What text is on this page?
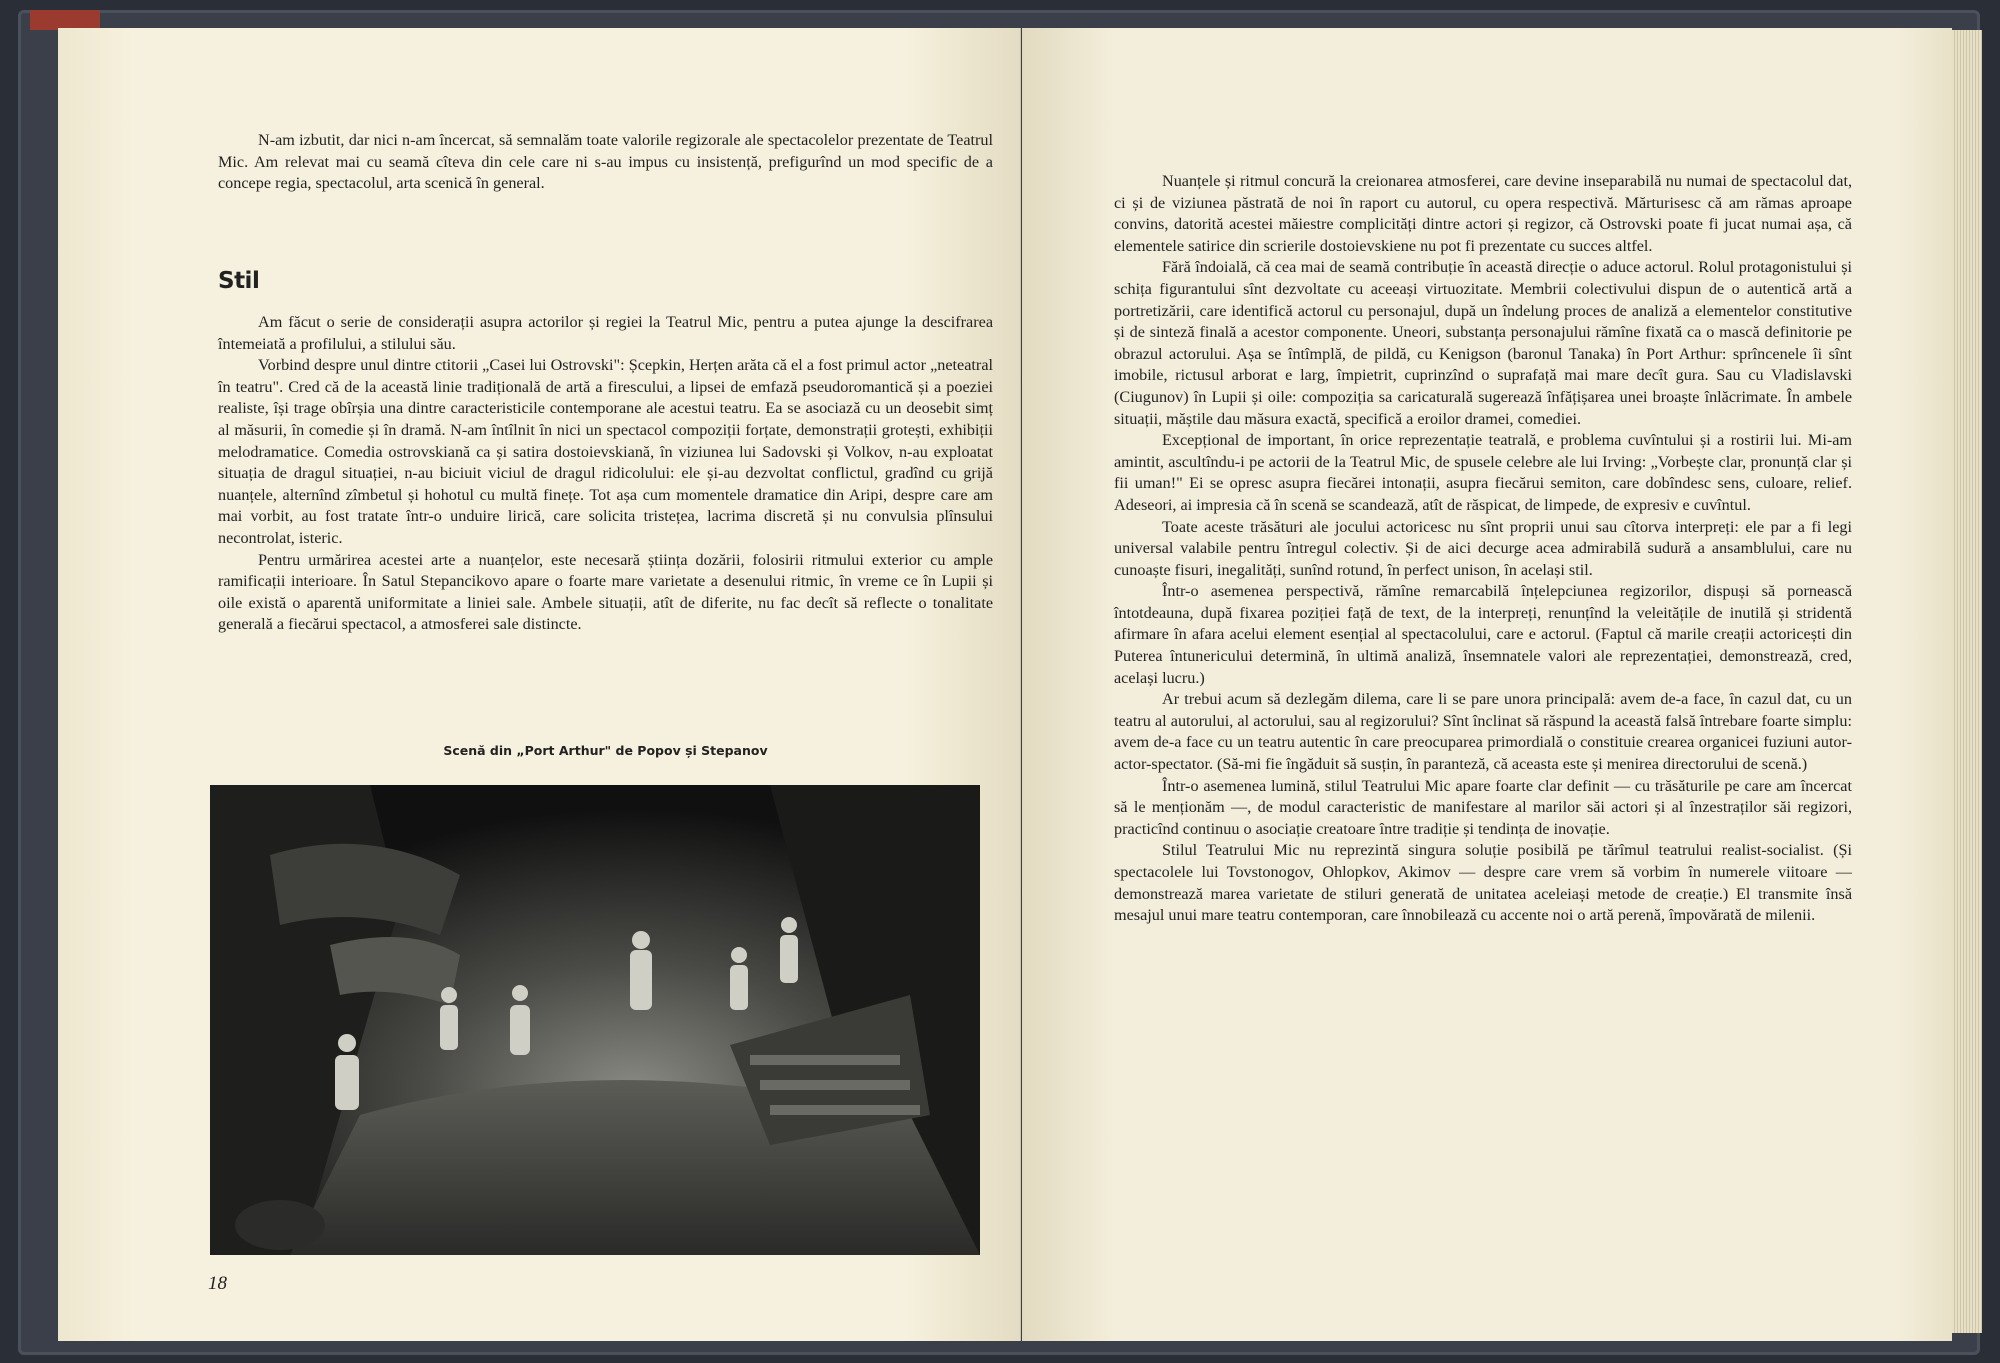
N-am izbutit, dar nici n-am încercat, să semnalăm toate valorile regizorale ale spectacolelor prezentate de Teatrul Mic. Am relevat mai cu seamă cîteva din cele care ni s-au impus cu insistență, prefigurînd un mod specific de a concepe regia, spectacolul, arta scenică în general.

Stil

Am făcut o serie de considerații asupra actorilor și regiei la Teatrul Mic, pentru a putea ajunge la descifrarea întemeiată a profilului, a stilului său.

Vorbind despre unul dintre ctitorii „Casei lui Ostrovski": Șcepkin, Herțen arăta că el a fost primul actor „neteatral în teatru". Cred că de la această linie tradițională de artă a firescului, a lipsei de emfază pseudoromantică și a poeziei realiste, își trage obîrșia una dintre caracteristicile contemporane ale acestui teatru. Ea se asociază cu un deosebit simț al măsurii, în comedie și în dramă. N-am întîlnit în nici un spectacol compoziții forțate, demonstrații grotești, exhibiții melodramatice. Comedia ostrovskiană ca și satira dostoievskiană, în viziunea lui Sadovski și Volkov, n-au exploatat situația de dragul situației, n-au biciuit viciul de dragul ridicolului: ele și-au dezvoltat conflictul, gradînd cu grijă nuanțele, alternînd zîmbetul și hohotul cu multă finețe. Tot așa cum momentele dramatice din Aripi, despre care am mai vorbit, au fost tratate într-o unduire lirică, care solicita tristețea, lacrima discretă și nu convulsia plînsului necontrolat, isteric.

Pentru urmărirea acestei arte a nuanțelor, este necesară știința dozării, folosirii ritmului exterior cu ample ramificații interioare. În Satul Stepancikovo apare o foarte mare varietate a desenului ritmic, în vreme ce în Lupii și oile există o aparentă uniformitate a liniei sale. Ambele situații, atît de diferite, nu fac decît să reflecte o tonalitate generală a fiecărui spectacol, a atmosferei sale distincte.

Scenă din „Port Arthur" de Popov și Stepanov
18

Nuanțele și ritmul concură la creionarea atmosferei, care devine inseparabilă nu numai de spectacolul dat, ci și de viziunea păstrată de noi în raport cu autorul, cu opera respectivă. Mărturisesc că am rămas aproape convins, datorită acestei măiestre complicități dintre actori și regizor, că Ostrovski poate fi jucat numai așa, că elementele satirice din scrierile dostoievskiene nu pot fi prezentate cu succes altfel.

Fără îndoială, că cea mai de seamă contribuție în această direcție o aduce actorul. Rolul protagonistului și schița figurantului sînt dezvoltate cu aceeași virtuozitate. Membrii colectivului dispun de o autentică artă a portretizării, care identifică actorul cu personajul, după un îndelung proces de analiză a elementelor constitutive și de sinteză finală a acestor componente. Uneori, substanța personajului rămîne fixată ca o mască definitorie pe obrazul actorului. Așa se întîmplă, de pildă, cu Kenigson (baronul Tanaka) în Port Arthur: sprîncenele îi sînt imobile, rictusul arborat e larg, împietrit, cuprinzînd o suprafață mai mare decît gura. Sau cu Vladislavski (Ciugunov) în Lupii și oile: compoziția sa caricaturală sugerează înfățișarea unei broaște înlăcrimate. În ambele situații, măștile dau măsura exactă, specifică a eroilor dramei, comediei.

Excepțional de important, în orice reprezentație teatrală, e problema cuvîntului și a rostirii lui. Mi-am amintit, ascultîndu-i pe actorii de la Teatrul Mic, de spusele celebre ale lui Irving: „Vorbește clar, pronunță clar și fii uman!" Ei se opresc asupra fiecărei intonații, asupra fiecărui semiton, care dobîndesc sens, culoare, relief. Adeseori, ai impresia că în scenă se scandează, atît de răspicat, de limpede, de expresiv e cuvîntul.

Toate aceste trăsături ale jocului actoricesc nu sînt proprii unui sau cîtorva interpreți: ele par a fi legi universal valabile pentru întregul colectiv. Și de aici decurge acea admirabilă sudură a ansamblului, care nu cunoaște fisuri, inegalități, sunînd rotund, în perfect unison, în același stil.

Într-o asemenea perspectivă, rămîne remarcabilă înțelepciunea regizorilor, dispuși să pornească întotdeauna, după fixarea poziției față de text, de la interpreți, renunțînd la veleitățile de inutilă și stridentă afirmare în afara acelui element esențial al spectacolului, care e actorul. (Faptul că marile creații actoricești din Puterea întunericului determină, în ultimă analiză, însemnatele valori ale reprezentației, demonstrează, cred, același lucru.)

Ar trebui acum să dezlegăm dilema, care li se pare unora principală: avem de-a face, în cazul dat, cu un teatru al autorului, al actorului, sau al regizorului? Sînt înclinat să răspund la această falsă întrebare foarte simplu: avem de-a face cu un teatru autentic în care preocuparea primordială o constituie crearea organicei fuziuni autor-actor-spectator. (Să-mi fie îngăduit să susțin, în paranteză, că aceasta este și menirea directorului de scenă.)

Într-o asemenea lumină, stilul Teatrului Mic apare foarte clar definit — cu trăsăturile pe care am încercat să le menționăm —, de modul caracteristic de manifestare al marilor săi actori și al înzestraților săi regizori, practicînd continuu o asociație creatoare între tradiție și tendința de inovație.

Stilul Teatrului Mic nu reprezintă singura soluție posibilă pe tărîmul teatrului realist-socialist. (Și spectacolele lui Tovstonogov, Ohlopkov, Akimov — despre care vrem să vorbim în numerele viitoare — demonstrează marea varietate de stiluri generată de unitatea aceleiași metode de creație.) El transmite însă mesajul unui mare teatru contemporan, care înnobilează cu accente noi o artă perenă, împovărată de milenii.
